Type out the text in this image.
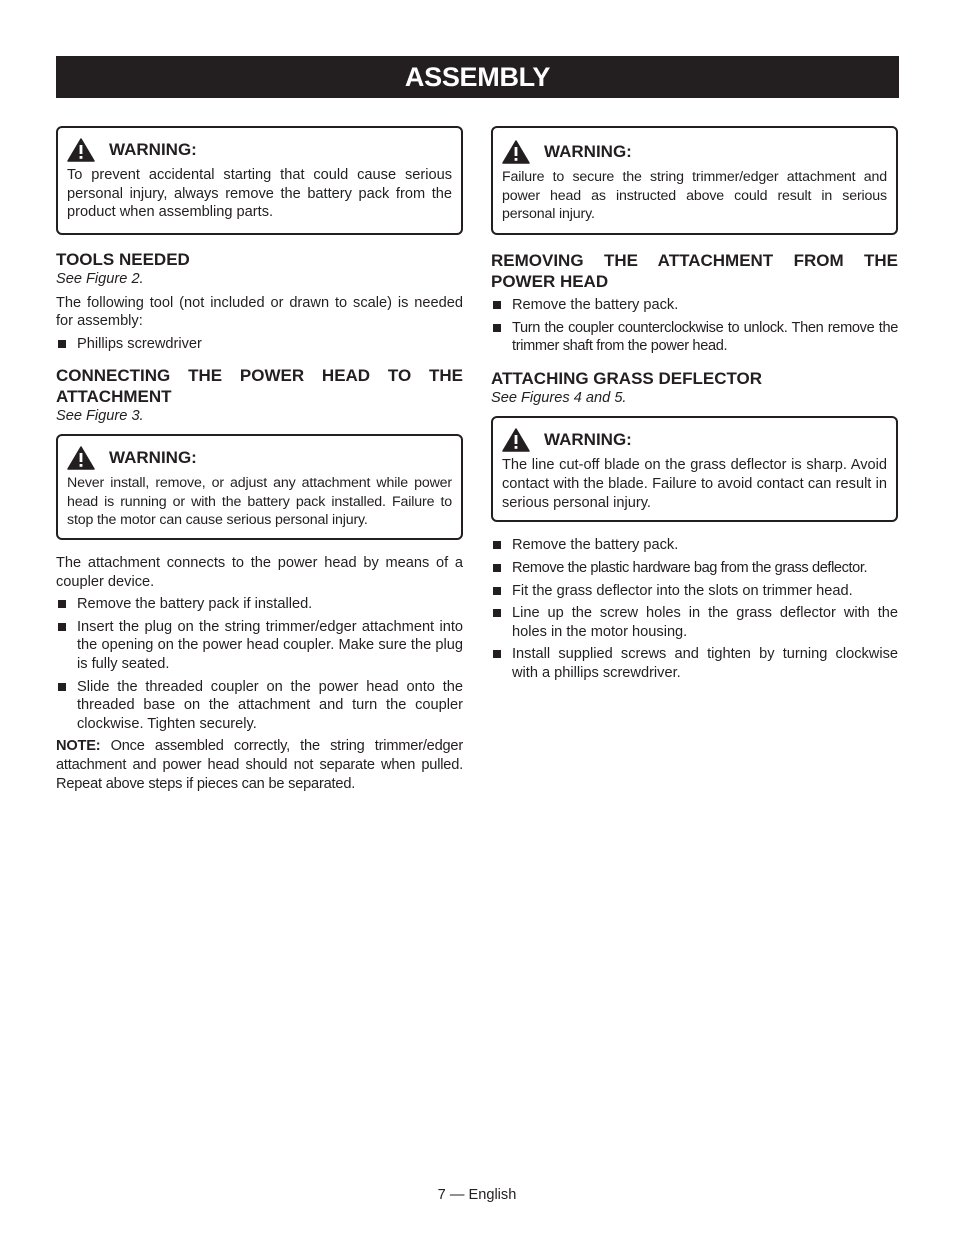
ASSEMBLY
WARNING:
To prevent accidental starting that could cause serious personal injury, always remove the battery pack from the product when assembling parts.
TOOLS NEEDED

See Figure 2.

The following tool (not included or drawn to scale) is needed for assembly:

Phillips screwdriver
CONNECTING THE POWER HEAD TO THE ATTACHMENT

See Figure 3.

WARNING:
Never install, remove, or adjust any attachment while power head is running or with the battery pack installed. Failure to stop the motor can cause serious personal injury.

The attachment connects to the power head by means of a coupler device.

Remove the battery pack if installed.
Insert the plug on the string trimmer/edger attachment into the opening on the power head coupler. Make sure the plug is fully seated.
Slide the threaded coupler on the power head onto the threaded base on the attachment and turn the coupler clockwise. Tighten securely.

NOTE: Once assembled correctly, the string trimmer/edger attachment and power head should not separate when pulled. Repeat above steps if pieces can be separated.

WARNING:
Failure to secure the string trimmer/edger attachment and power head as instructed above could result in serious personal injury.
REMOVING THE ATTACHMENT FROM THE POWER HEAD
Remove the battery pack.
Turn the coupler counterclockwise to unlock. Then remove the trimmer shaft from the power head.
ATTACHING GRASS DEFLECTOR

See Figures 4 and 5.

WARNING:
The line cut-off blade on the grass deflector is sharp. Avoid contact with the blade. Failure to avoid contact can result in serious personal injury.
Remove the battery pack.
Remove the plastic hardware bag from the grass deflector.
Fit the grass deflector into the slots on trimmer head.
Line up the screw holes in the grass deflector with the holes in the motor housing.
Install supplied screws and tighten by turning clockwise with a phillips screwdriver.
7 — English
